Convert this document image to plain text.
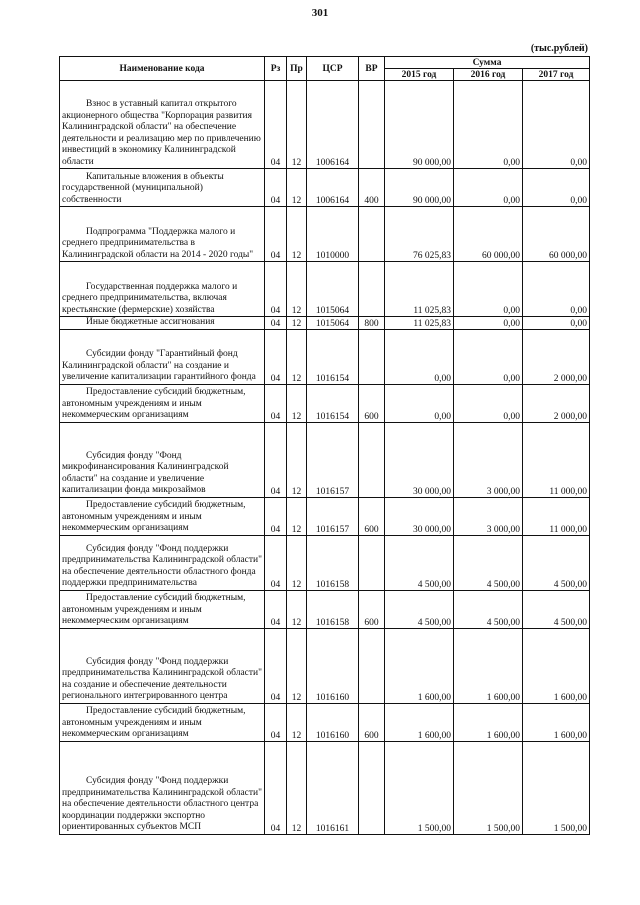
301
(тыс.рублей)
Наименование кода	Рз	Пр	ЦСР	ВР	Сумма		
					2015 год	2016 год	2017 год

Взнос в уставный капитал открытого акционерного общества "Корпорация развития Калининградской области" на обеспечение деятельности и реализацию мер по привлечению инвестиций в экономику Калининградской области	04	12	1006164		90 000,00	0,00	0,00

Капитальные вложения в объекты государственной (муниципальной) собственности	04	12	1006164	400	90 000,00	0,00	0,00

Подпрограмма "Поддержка малого и среднего предпринимательства в Калининградской области на 2014 - 2020 годы"	04	12	1010000		76 025,83	60 000,00	60 000,00

Государственная поддержка малого и среднего предпринимательства, включая крестьянские (фермерские) хозяйства	04	12	1015064		11 025,83	0,00	0,00

Иные бюджетные ассигнования	04	12	1015064	800	11 025,83	0,00	0,00

Субсидии фонду "Гарантийный фонд Калининградской области" на создание и увеличение капитализации гарантийного фонда	04	12	1016154		0,00	0,00	2 000,00

Предоставление субсидий бюджетным, автономным учреждениям и иным некоммерческим организациям	04	12	1016154	600	0,00	0,00	2 000,00

Субсидия фонду "Фонд микрофинансирования Калининградской области" на создание и увеличение капитализации фонда микрозаймов	04	12	1016157		30 000,00	3 000,00	11 000,00

Предоставление субсидий бюджетным, автономным учреждениям и иным некоммерческим организациям	04	12	1016157	600	30 000,00	3 000,00	11 000,00

Субсидия фонду "Фонд поддержки предпринимательства Калининградской области" на обеспечение деятельности областного фонда поддержки предпринимательства	04	12	1016158		4 500,00	4 500,00	4 500,00

Предоставление субсидий бюджетным, автономным учреждениям и иным некоммерческим организациям	04	12	1016158	600	4 500,00	4 500,00	4 500,00

Субсидия фонду "Фонд поддержки предпринимательства Калининградской области" на создание и обеспечение деятельности регионального интегрированного центра	04	12	1016160		1 600,00	1 600,00	1 600,00

Предоставление субсидий бюджетным, автономным учреждениям и иным некоммерческим организациям	04	12	1016160	600	1 600,00	1 600,00	1 600,00

Субсидия фонду "Фонд поддержки предпринимательства Калининградской области" на обеспечение деятельности областного центра координации поддержки экспортно ориентированных субъектов МСП	04	12	1016161		1 500,00	1 500,00	1 500,00
